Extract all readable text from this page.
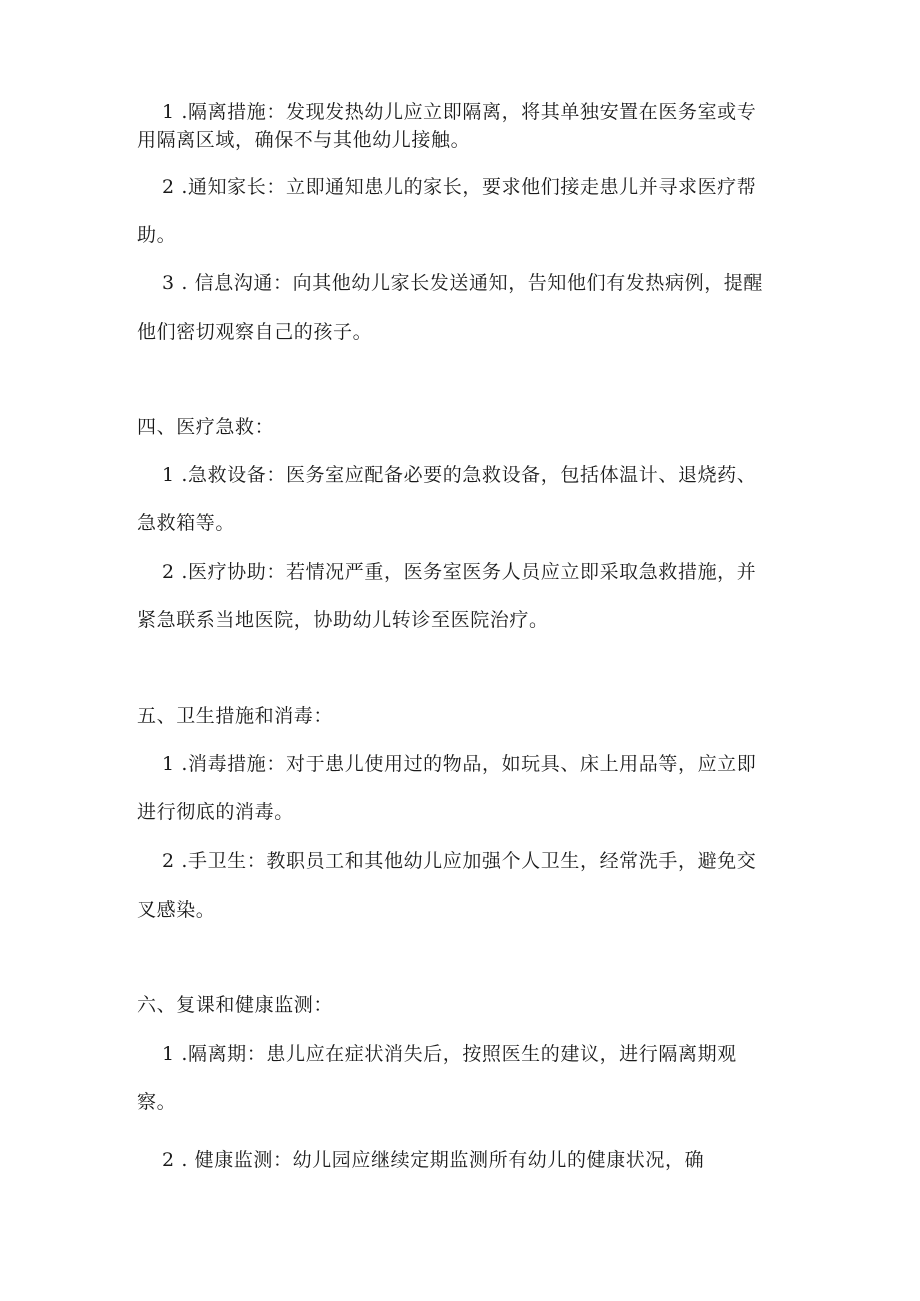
1 .隔离措施：发现发热幼儿应立即隔离，将其单独安置在医务室或专
用隔离区域，确保不与其他幼儿接触。
2 .通知家长：立即通知患儿的家长，要求他们接走患儿并寻求医疗帮
助。
3 . 信息沟通：向其他幼儿家长发送通知，告知他们有发热病例，提醒
他们密切观察自己的孩子。
四、医疗急救：
1 .急救设备：医务室应配备必要的急救设备，包括体温计、退烧药、
急救箱等。
2 .医疗协助：若情况严重，医务室医务人员应立即采取急救措施，并
紧急联系当地医院，协助幼儿转诊至医院治疗。
五、卫生措施和消毒：
1 .消毒措施：对于患儿使用过的物品，如玩具、床上用品等，应立即
进行彻底的消毒。
2 .手卫生：教职员工和其他幼儿应加强个人卫生，经常洗手，避免交
叉感染。
六、复课和健康监测：
1 .隔离期：患儿应在症状消失后，按照医生的建议，进行隔离期观
察。
2 . 健康监测：幼儿园应继续定期监测所有幼儿的健康状况，确
